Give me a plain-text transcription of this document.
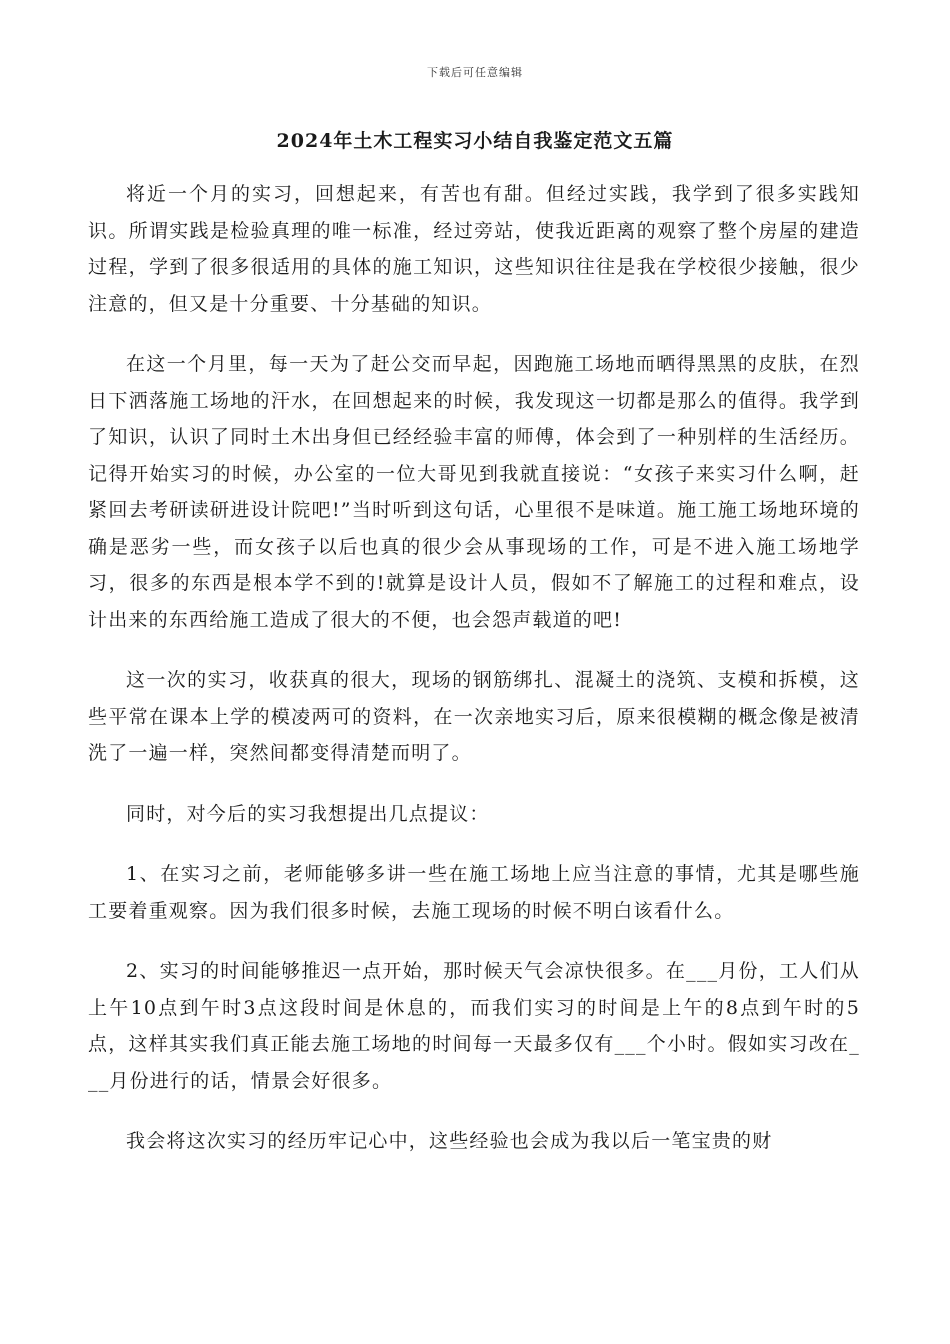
下载后可任意编辑
2024年土木工程实习小结自我鉴定范文五篇

将近一个月的实习，回想起来，有苦也有甜。但经过实践，我学到了很多实践知识。所谓实践是检验真理的唯一标准，经过旁站，使我近距离的观察了整个房屋的建造过程，学到了很多很适用的具体的施工知识，这些知识往往是我在学校很少接触，很少注意的，但又是十分重要、十分基础的知识。

在这一个月里，每一天为了赶公交而早起，因跑施工场地而晒得黑黑的皮肤，在烈日下洒落施工场地的汗水，在回想起来的时候，我发现这一切都是那么的值得。我学到了知识，认识了同时土木出身但已经经验丰富的师傅，体会到了一种别样的生活经历。记得开始实习的时候，办公室的一位大哥见到我就直接说：“女孩子来实习什么啊，赶紧回去考研读研进设计院吧!”当时听到这句话，心里很不是味道。施工施工场地环境的确是恶劣一些，而女孩子以后也真的很少会从事现场的工作，可是不进入施工场地学习，很多的东西是根本学不到的!就算是设计人员，假如不了解施工的过程和难点，设计出来的东西给施工造成了很大的不便，也会怨声载道的吧!

这一次的实习，收获真的很大，现场的钢筋绑扎、混凝土的浇筑、支模和拆模，这些平常在课本上学的模凌两可的资料，在一次亲地实习后，原来很模糊的概念像是被清洗了一遍一样，突然间都变得清楚而明了。

同时，对今后的实习我想提出几点提议：

1、在实习之前，老师能够多讲一些在施工场地上应当注意的事情，尤其是哪些施工要着重观察。因为我们很多时候，去施工现场的时候不明白该看什么。

2、实习的时间能够推迟一点开始，那时候天气会凉快很多。在___月份，工人们从上午10点到午时3点这段时间是休息的，而我们实习的时间是上午的8点到午时的5点，这样其实我们真正能去施工场地的时间每一天最多仅有___个小时。假如实习改在___月份进行的话，情景会好很多。

我会将这次实习的经历牢记心中，这些经验也会成为我以后一笔宝贵的财
